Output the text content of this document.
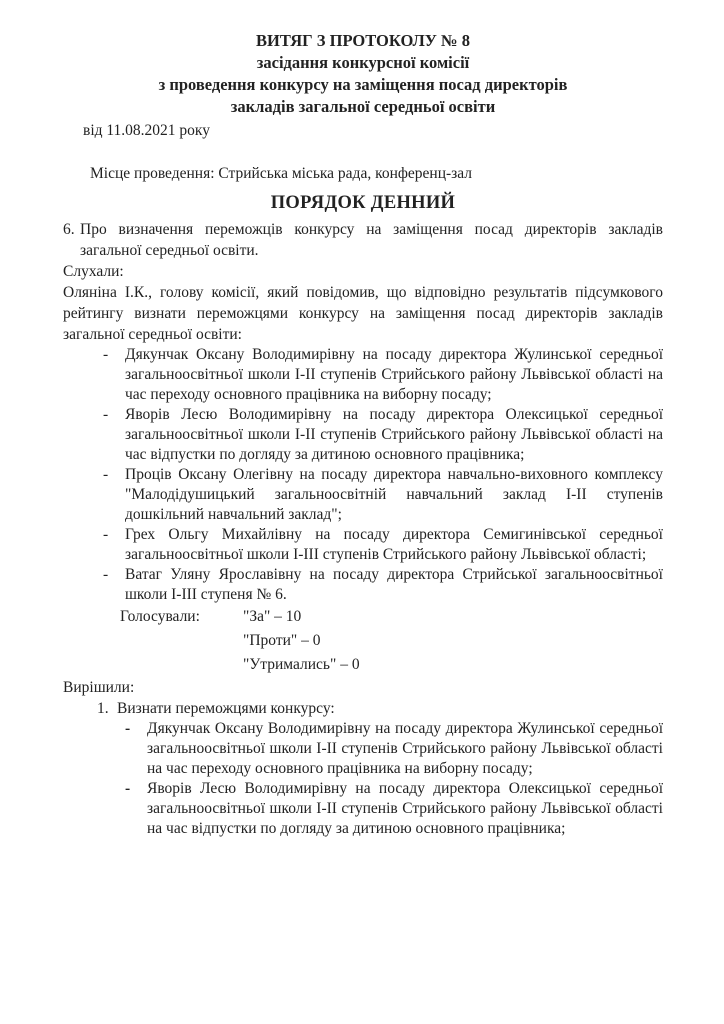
ВИТЯГ З ПРОТОКОЛУ № 8
засідання конкурсної комісії
з проведення конкурсу на заміщення посад директорів
закладів загальної середньої освіти
від 11.08.2021 року
Місце проведення: Стрийська міська рада, конференц-зал
ПОРЯДОК ДЕННИЙ
6. Про визначення переможців конкурсу на заміщення посад директорів закладів загальної середньої освіти.
Слухали:
Оляніна І.К., голову комісії, який повідомив, що відповідно результатів підсумкового рейтингу визнати переможцями конкурсу на заміщення посад директорів закладів загальної середньої освіти:
-	Дякунчак Оксану Володимирівну на посаду директора Жулинської середньої загальноосвітньої школи І-ІІ ступенів Стрийського району Львівської області на час переходу основного працівника на виборну посаду;
-	Яворів Лесю Володимирівну на посаду директора Олексицької середньої загальноосвітньої школи І-ІІ ступенів Стрийського району Львівської області на час відпустки по догляду за дитиною основного працівника;
-	Проців Оксану Олегівну на посаду директора навчально-виховного комплексу "Малодідушицький загальноосвітній навчальний заклад І-ІІ ступенів дошкільний навчальний заклад";
-	Грех Ольгу Михайлівну на посаду директора Семигинівської середньої загальноосвітньої школи І-ІІІ ступенів Стрийського району Львівської області;
-	Ватаг Уляну Ярославівну на посаду директора Стрийської загальноосвітньої школи І-ІІІ ступеня № 6.
Голосували:	"За" – 10
"Проти" – 0
"Утримались" – 0
Вирішили:
1. Визнати переможцями конкурсу:
-	Дякунчак Оксану Володимирівну на посаду директора Жулинської середньої загальноосвітньої школи І-ІІ ступенів Стрийського району Львівської області на час переходу основного працівника на виборну посаду;
-	Яворів Лесю Володимирівну на посаду директора Олексицької середньої загальноосвітньої школи І-ІІ ступенів Стрийського району Львівської області на час відпустки по догляду за дитиною основного працівника;
